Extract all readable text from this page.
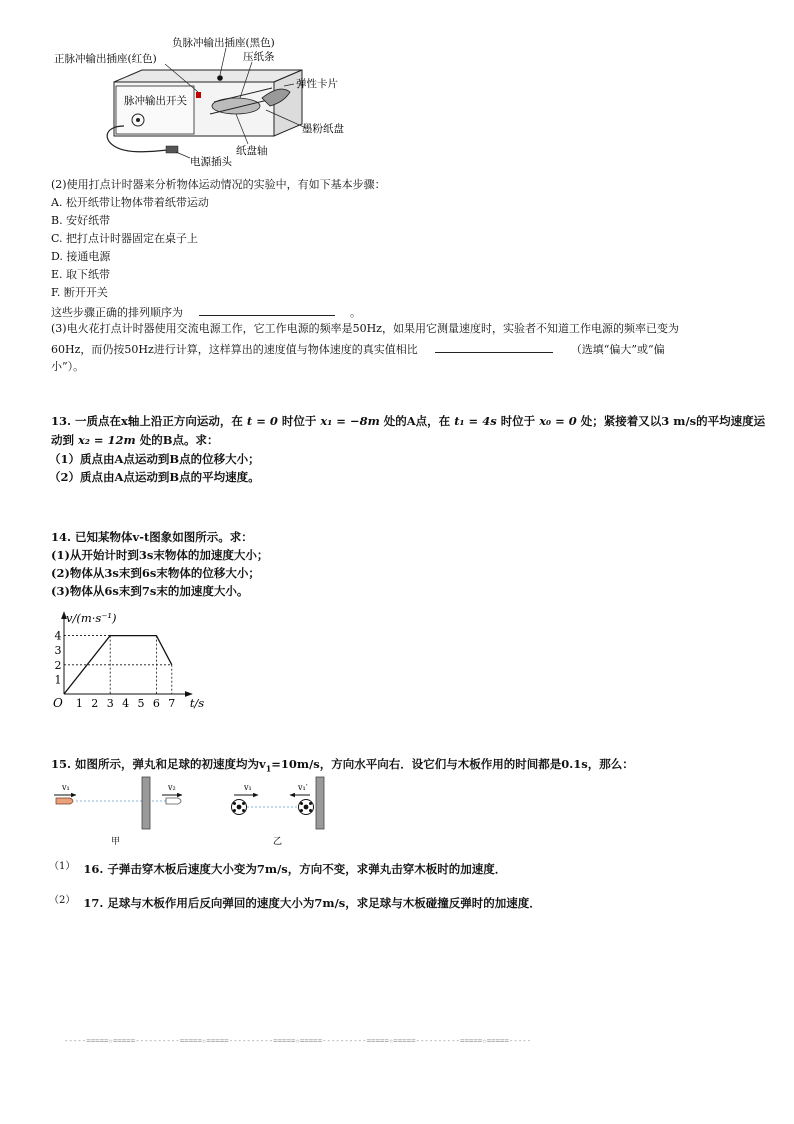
负脉冲输出插座(黑色)
正脉冲输出插座(红色)	压纸条
弹性卡片
脉冲输出开关
墨粉纸盘
纸盘轴
电源插头
(2)使用打点计时器来分析物体运动情况的实验中，有如下基本步骤：
A. 松开纸带让物体带着纸带运动
B. 安好纸带
C. 把打点计时器固定在桌子上
D. 接通电源
E. 取下纸带
F. 断开开关
这些步骤正确的排列顺序为	。
(3)电火花打点计时器使用交流电源工作，它工作电源的频率是50Hz，如果用它测量速度时，实验者不知道工作电源的频率已变为
60Hz，而仍按50Hz进行计算，这样算出的速度值与物体速度的真实值相比	（选填“偏大”或“偏
小”）。
13. 一质点在x轴上沿正方向运动，在 t = 0 时位于 x₁ = −8m 处的A点，在 t₁ = 4s 时位于 x₀ = 0 处；紧接着又以3 m/s的平均速度运
动到 x₂ = 12m 处的B点。求：
（1）质点由A点运动到B点的位移大小；
（2）质点由A点运动到B点的平均速度。
14. 已知某物体v-t图象如图所示。求：
(1)从开始计时到3s末物体的加速度大小；
(2)物体从3s末到6s末物体的位移大小；
(3)物体从6s末到7s末的加速度大小。
1 2 3 4 5 6 7
1
2
3
4
O
v/(m·s⁻¹)
t/s
15. 如图所示，弹丸和足球的初速度均为$v_1=10m/s$，方向水平向右．设它们与木板作用的时间都是0.1s，那么：
v₁	v₂
甲
v₁	v₁′
乙
（1） 16. 子弹击穿木板后速度大小变为7m/s，方向不变，求弹丸击穿木板时的加速度．
（2） 17. 足球与木板作用后反向弹回的速度大小为7m/s，求足球与木板碰撞反弹时的加速度．
-----=====☆=====----------=====☆=====----------=====☆=====----------=====☆=====----------=====☆=====-----
